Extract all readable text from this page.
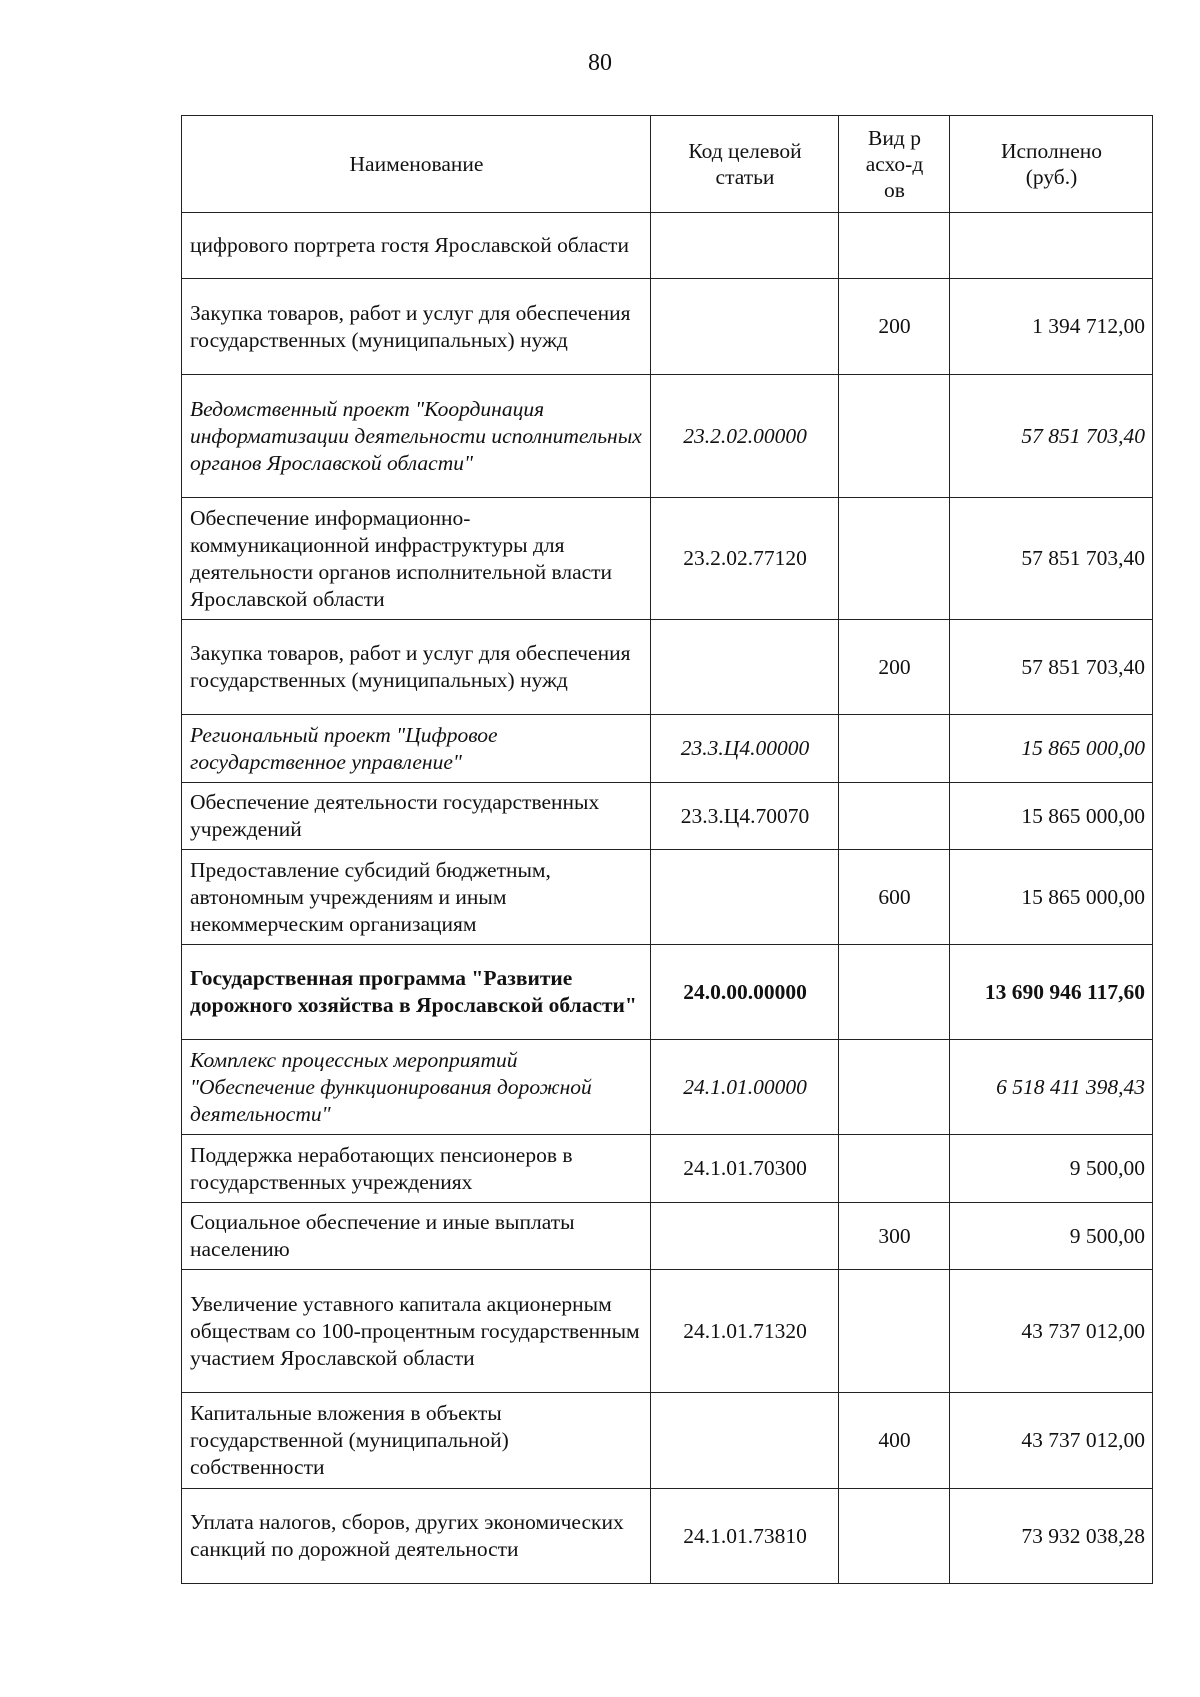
80
Наименование	Код целевой статьи	Вид расхо-дов	Исполнено (руб.)
цифрового портрета гостя Ярославской области			
Закупка товаров, работ и услуг для обеспечения государственных (муниципальных) нужд		200	1 394 712,00
Ведомственный проект "Координация информатизации деятельности исполнительных органов Ярославской области"	23.2.02.00000		57 851 703,40
Обеспечение информационно-коммуникационной инфраструктуры для деятельности органов исполнительной власти Ярославской области	23.2.02.77120		57 851 703,40
Закупка товаров, работ и услуг для обеспечения государственных (муниципальных) нужд		200	57 851 703,40
Региональный проект "Цифровое государственное управление"	23.3.Ц4.00000		15 865 000,00
Обеспечение деятельности государственных учреждений	23.3.Ц4.70070		15 865 000,00
Предоставление субсидий бюджетным, автономным учреждениям и иным некоммерческим организациям		600	15 865 000,00
Государственная программа "Развитие дорожного хозяйства в Ярославской области"	24.0.00.00000		13 690 946 117,60
Комплекс процессных мероприятий "Обеспечение функционирования дорожной деятельности"	24.1.01.00000		6 518 411 398,43
Поддержка неработающих пенсионеров в государственных учреждениях	24.1.01.70300		9 500,00
Социальное обеспечение и иные выплаты населению		300	9 500,00
Увеличение уставного капитала акционерным обществам со 100-процентным государственным участием Ярославской области	24.1.01.71320		43 737 012,00
Капитальные вложения в объекты государственной (муниципальной) собственности		400	43 737 012,00
Уплата налогов, сборов, других экономических санкций по дорожной деятельности	24.1.01.73810		73 932 038,28
